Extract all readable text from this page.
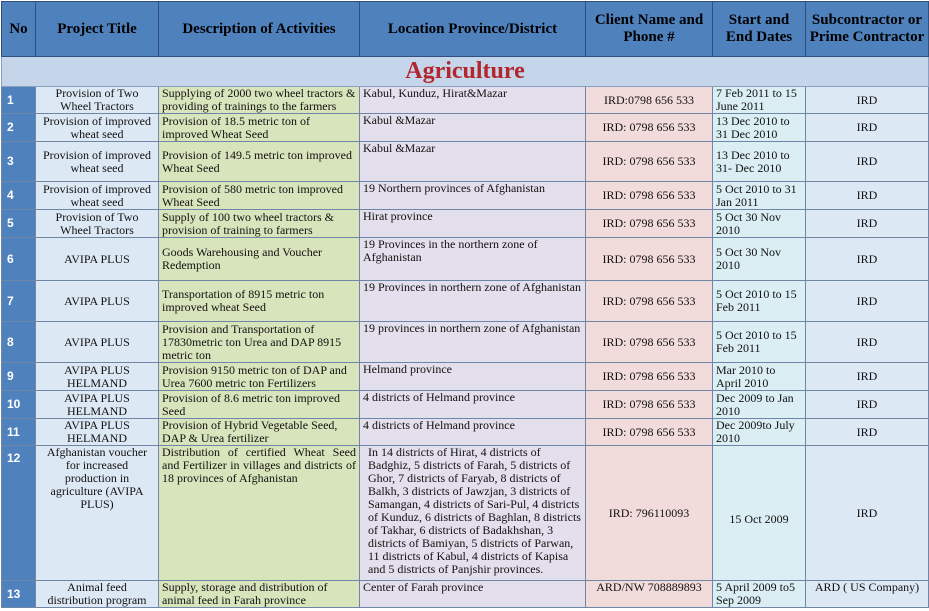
No	Project Title	Description of Activities	Location Province/District	Client Name and Phone #	Start and End Dates	Subcontractor or Prime Contractor
Agriculture						
1	Provision of Two Wheel Tractors	Supplying of 2000 two wheel tractors & providing of trainings to the farmers	Kabul, Kunduz, Hirat&Mazar	IRD:0798 656 533	7 Feb 2011 to 15 June 2011	IRD
2	Provision of improved wheat seed	Provision of 18.5 metric ton of improved Wheat Seed	Kabul &Mazar	IRD: 0798 656 533	13 Dec 2010 to 31 Dec 2010	IRD
3	Provision of improved wheat seed	Provision of 149.5 metric ton improved Wheat Seed	Kabul &Mazar	IRD: 0798 656 533	13 Dec 2010 to 31- Dec 2010	IRD
4	Provision of improved wheat seed	Provision of 580 metric ton improved Wheat Seed	19 Northern provinces of Afghanistan	IRD: 0798 656 533	5 Oct 2010 to 31 Jan 2011	IRD
5	Provision of Two Wheel Tractors	Supply of 100 two wheel tractors & provision of training to farmers	Hirat province	IRD: 0798 656 533	5 Oct 30 Nov 2010	IRD
6	AVIPA PLUS	Goods Warehousing and Voucher Redemption	19 Provinces in the northern zone of Afghanistan	IRD: 0798 656 533	5 Oct 30 Nov 2010	IRD
7	AVIPA PLUS	Transportation of 8915 metric ton improved wheat Seed	19 Provinces in northern zone of Afghanistan	IRD: 0798 656 533	5 Oct 2010 to 15 Feb 2011	IRD
8	AVIPA PLUS	Provision and Transportation of 17830metric ton Urea and DAP 8915 metric ton	19 provinces in northern zone of Afghanistan	IRD: 0798 656 533	5 Oct 2010 to 15 Feb 2011	IRD
9	AVIPA PLUS HELMAND	Provision 9150 metric ton of DAP and Urea 7600 metric ton Fertilizers	Helmand province	IRD: 0798 656 533	Mar 2010 to April 2010	IRD
10	AVIPA PLUS HELMAND	Provision of 8.6 metric ton improved Seed	4 districts of Helmand province	IRD: 0798 656 533	Dec 2009 to Jan 2010	IRD
11	AVIPA PLUS HELMAND	Provision of Hybrid Vegetable Seed, DAP & Urea fertilizer	4 districts of Helmand province	IRD: 0798 656 533	Dec 2009to July 2010	IRD
12	Afghanistan voucher for increased production in agriculture (AVIPA PLUS)	Distribution of certified Wheat Seed and Fertilizer in villages and districts of 18 provinces of Afghanistan	In 14 districts of Hirat, 4 districts of Badghiz, 5 districts of Farah, 5 districts of Ghor, 7 districts of Faryab, 8 districts of Balkh, 3 districts of Jawzjan, 3 districts of Samangan, 4 districts of Sari-Pul, 4 districts of Kunduz, 6 districts of Baghlan, 8 districts of Takhar, 6 districts of Badakhshan, 3 districts of Bamiyan, 5 districts of Parwan, 11 districts of Kabul, 4 districts of Kapisa and 5 districts of Panjshir provinces.	IRD: 796110093	15 Oct 2009	IRD
13	Animal feed distribution program	Supply, storage and distribution of animal feed in Farah province	Center of Farah province	ARD/NW 708889893	5 April 2009 to5 Sep 2009	ARD ( US Company)
